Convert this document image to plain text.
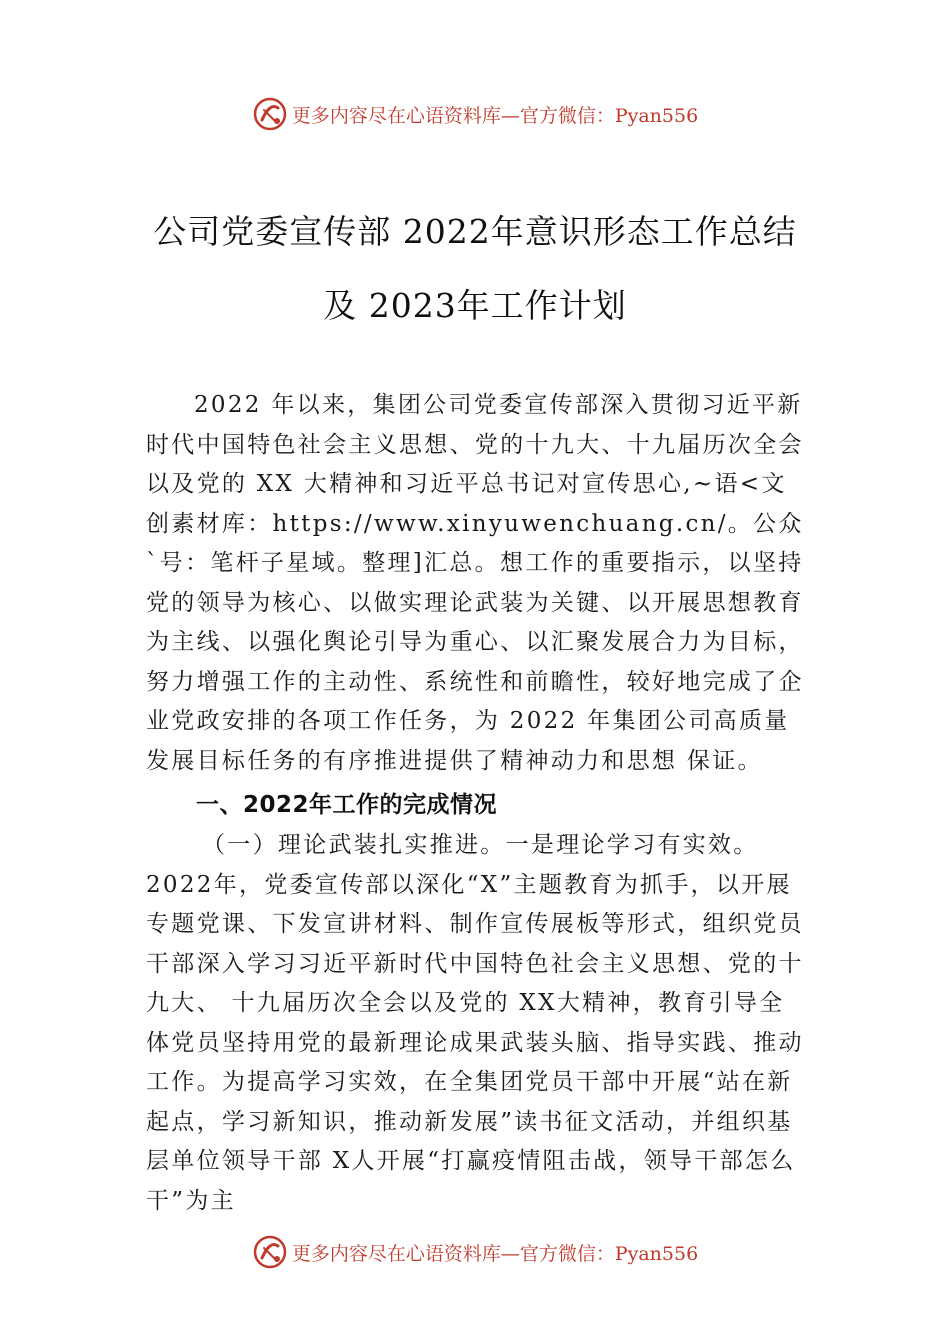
更多内容尽在心语资料库—官方微信：Pyan556
公司党委宣传部 2022年意识形态工作总结
及 2023年工作计划
2022 年以来，集团公司党委宣传部深入贯彻习近平新时代中国特色社会主义思想、党的十九大、十九届历次全会以及党的 XX 大精神和习近平总书记对宣传思心,~语<文创素材库：https://www.xinyuwenchuang.cn/。公众`号：笔杆子星域。整理]汇总。想工作的重要指示，以坚持党的领导为核心、以做实理论武装为关键、以开展思想教育为主线、以强化舆论引导为重心、以汇聚发展合力为目标，努力增强工作的主动性、系统性和前瞻性，较好地完成了企业党政安排的各项工作任务，为 2022 年集团公司高质量发展目标任务的有序推进提供了精神动力和思想 保证。
一、2022年工作的完成情况
（一）理论武装扎实推进。一是理论学习有实效。2022年，党委宣传部以深化“X”主题教育为抓手，以开展专题党课、下发宣讲材料、制作宣传展板等形式，组织党员干部深入学习习近平新时代中国特色社会主义思想、党的十九大、 十九届历次全会以及党的 XX大精神，教育引导全体党员坚持用党的最新理论成果武装头脑、指导实践、推动工作。为提高学习实效，在全集团党员干部中开展“站在新起点，学习新知识，推动新发展”读书征文活动，并组织基层单位领导干部 X人开展“打赢疫情阻击战，领导干部怎么干”为主
更多内容尽在心语资料库—官方微信：Pyan556
